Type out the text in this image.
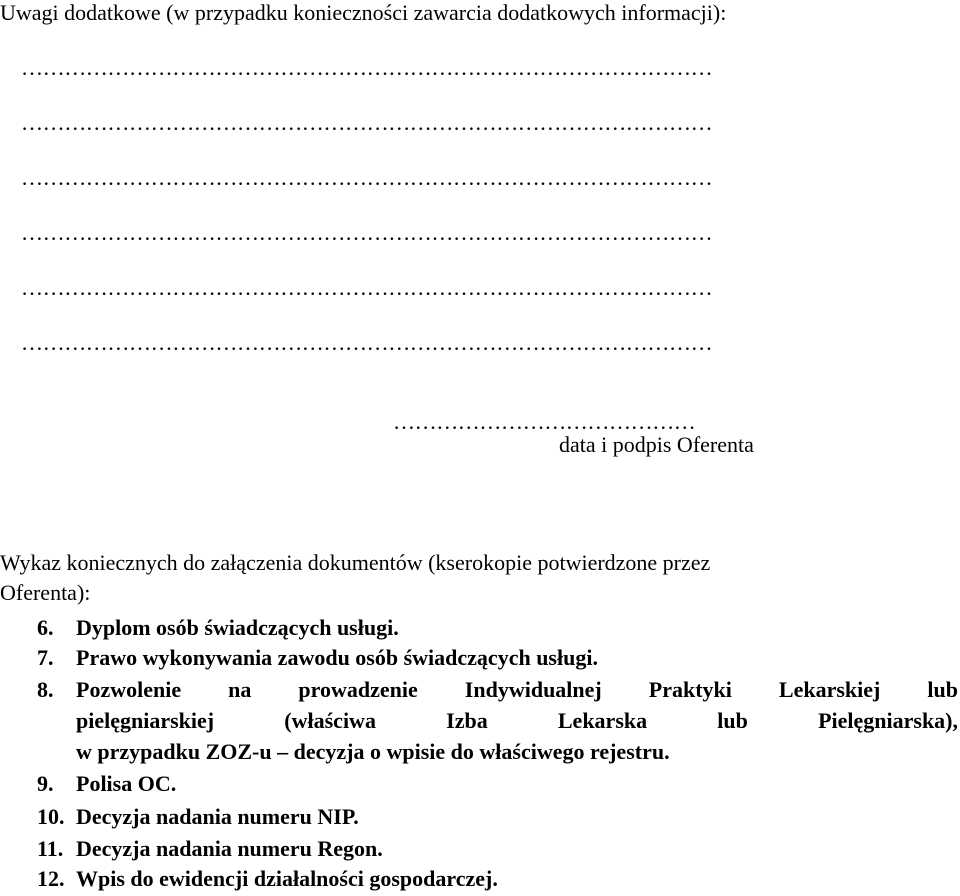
Uwagi dodatkowe (w przypadku konieczności zawarcia dodatkowych informacji):
……………………………………………………………………………………
……………………………………………………………………………………
……………………………………………………………………………………
……………………………………………………………………………………
……………………………………………………………………………………
……………………………………………………………………………………
……………………………………
data i podpis Oferenta
Wykaz koniecznych do załączenia dokumentów (kserokopie potwierdzone przez
Oferenta):
6. Dyplom osób świadczących usługi.
7. Prawo wykonywania zawodu osób świadczących usługi.
8. Pozwolenie na prowadzenie Indywidualnej Praktyki Lekarskiej lub
pielęgniarskiej (właściwa Izba Lekarska lub Pielęgniarska),
w przypadku ZOZ-u – decyzja o wpisie do właściwego rejestru.
9. Polisa OC.
10. Decyzja nadania numeru NIP.
11. Decyzja nadania numeru Regon.
12. Wpis do ewidencji działalności gospodarczej.
